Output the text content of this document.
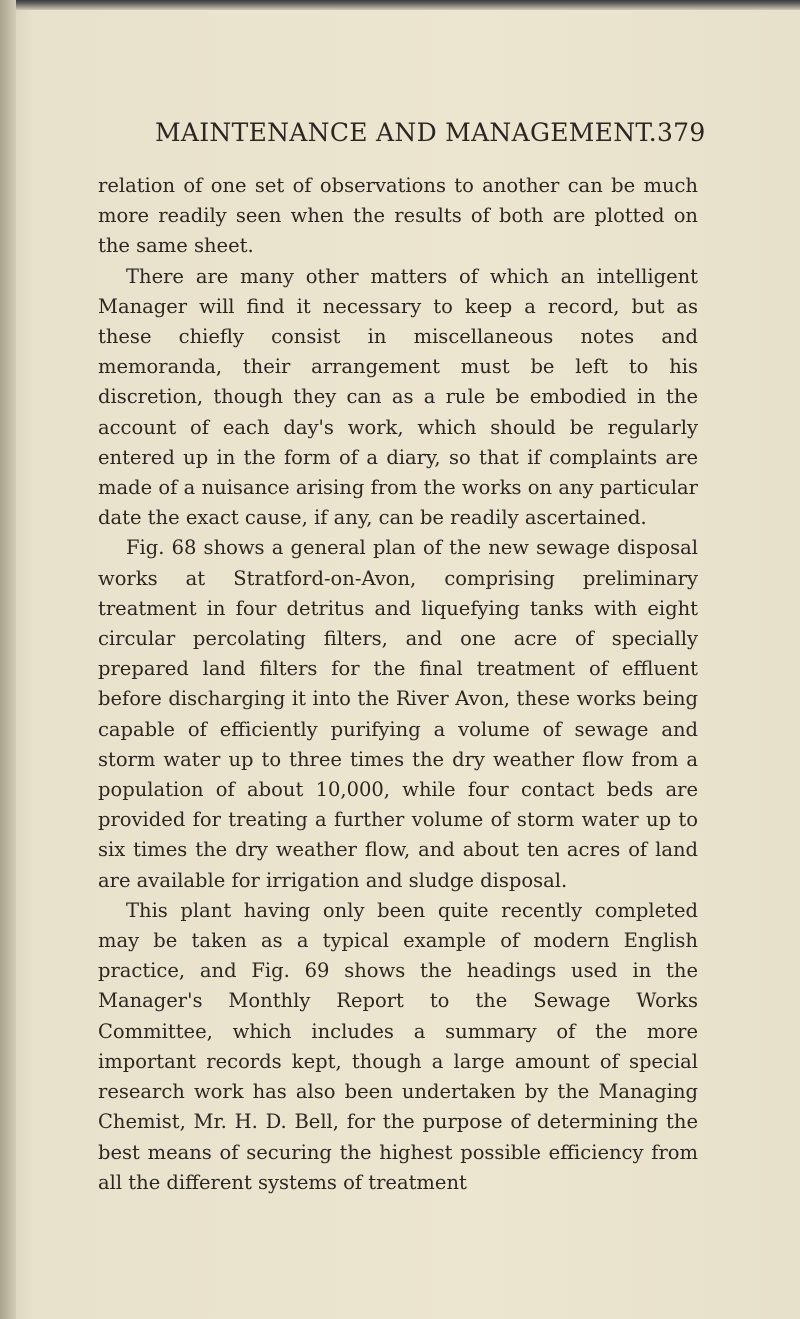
MAINTENANCE AND MANAGEMENT. 379

relation of one set of observations to another can be much more readily seen when the results of both are plotted on the same sheet.

There are many other matters of which an intelligent Manager will find it necessary to keep a record, but as these chiefly consist in miscellaneous notes and memoranda, their arrangement must be left to his discretion, though they can as a rule be embodied in the account of each day's work, which should be regularly entered up in the form of a diary, so that if complaints are made of a nuisance arising from the works on any particular date the exact cause, if any, can be readily ascertained.

Fig. 68 shows a general plan of the new sewage disposal works at Stratford-on-Avon, comprising preliminary treatment in four detritus and liquefying tanks with eight circular percolating filters, and one acre of specially prepared land filters for the final treatment of effluent before discharging it into the River Avon, these works being capable of efficiently purifying a volume of sewage and storm water up to three times the dry weather flow from a population of about 10,000, while four contact beds are provided for treating a further volume of storm water up to six times the dry weather flow, and about ten acres of land are available for irrigation and sludge disposal.

This plant having only been quite recently completed may be taken as a typical example of modern English practice, and Fig. 69 shows the headings used in the Manager's Monthly Report to the Sewage Works Committee, which includes a summary of the more important records kept, though a large amount of special research work has also been undertaken by the Managing Chemist, Mr. H. D. Bell, for the purpose of determining the best means of securing the highest possible efficiency from all the different systems of treatment
